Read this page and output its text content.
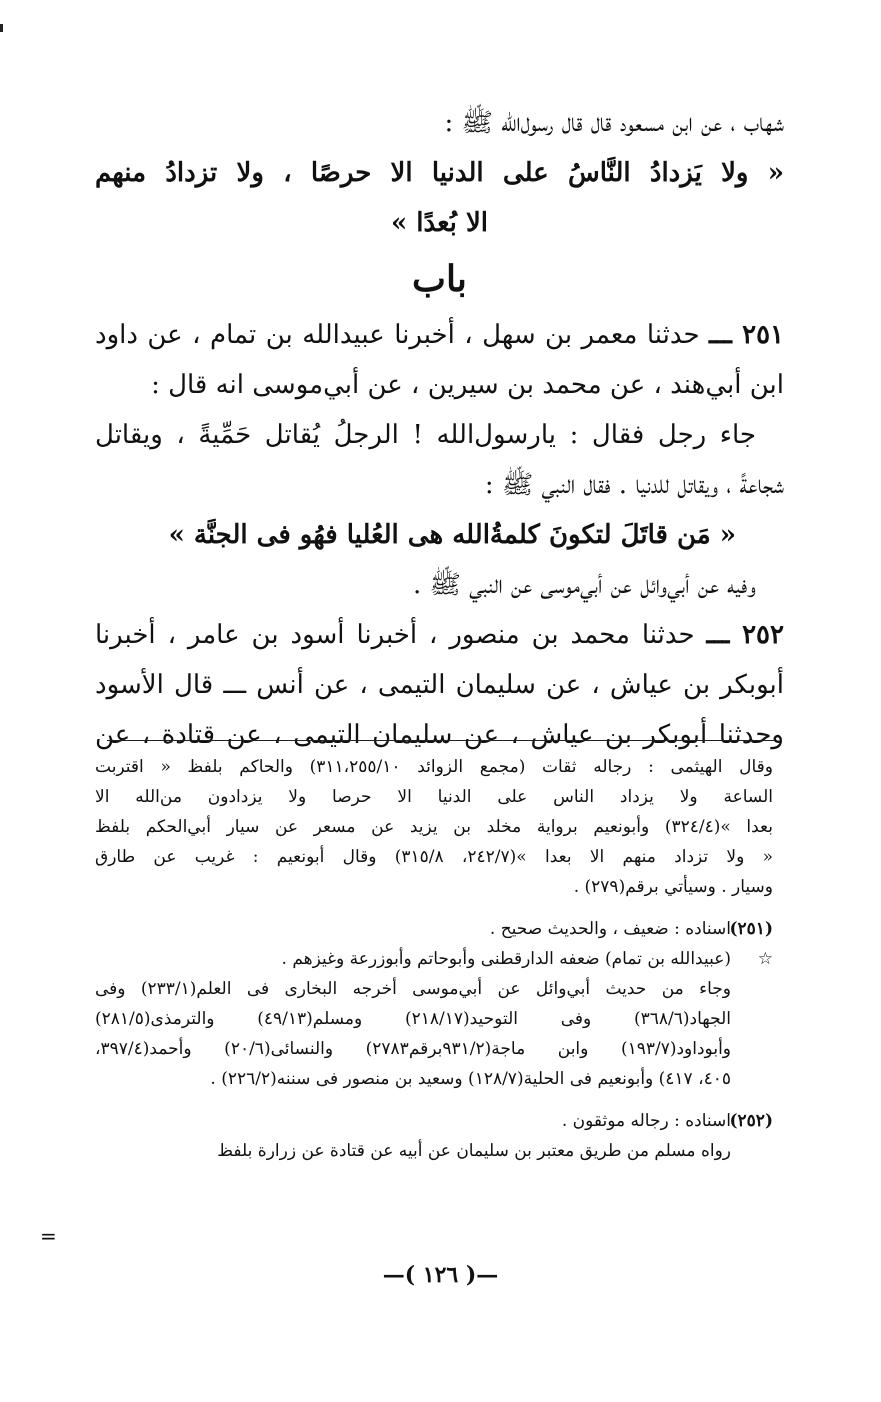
شهاب ، عن ابن مسعود قال قال رسول‌الله ﷺ :
« ولا يَزدادُ النَّاسُ على الدنيا الا حرصًا ، ولا تزدادُ منهم
الا بُعدًا »
باب
٢٥١ ـــ حدثنا معمر بن سهل ، أخبرنا عبيدالله بن تمام ، عن داود
ابن أبي‌هند ، عن محمد بن سيرين ، عن أبي‌موسى انه قال :
جاء رجل فقال : يارسول‌الله ! الرجلُ يُقاتل حَمِّيةً ، ويقاتل
شجاعةً ، ويقاتل للدنيا . فقال النبي ﷺ :
« مَن قاتَلَ لتكونَ كلمةُ‌الله هى العُليا فهُو فى الجنَّة »
وفيه عن أبي‌وائل عن أبي‌موسى عن النبي ﷺ .
٢٥٢ ـــ حدثنا محمد بن منصور ، أخبرنا أسود بن عامر ، أخبرنا
أبوبكر بن عياش ، عن سليمان التيمى ، عن أنس ـــ قال الأسود
وحدثنا أبوبكر بن عياش ، عن سليمان التيمى ، عن قتادة ، عن
وقال الهيثمى : رجاله ثقات (مجمع الزوائد ٣١١،٢٥٥/١٠) والحاكم بلفظ « اقتربت
الساعة ولا يزداد الناس على الدنيا الا حرصا ولا يزدادون من‌الله الا
بعدا »(٣٢٤/٤) وأبونعيم برواية مخلد بن يزيد عن مسعر عن سيار أبي‌الحكم بلفظ
« ولا تزداد منهم الا بعدا »(٢٤٢/٧، ٣١٥/٨) وقال أبونعيم : غريب عن طارق
وسيار . وسيأتي برقم(٢٧٩) .
(٢٥١)اسناده : ضعيف ، والحديث صحيح .
☆(عبيدالله بن تمام) ضعفه الدارقطنى وأبوحاتم وأبوزرعة وغيزهم .
وجاء من حديث أبي‌وائل عن أبي‌موسى أخرجه البخارى فى العلم(٢٣٣/١) وفى
الجهاد(٣٦٨/٦) وفى التوحيد(٢١٨/١٧) ومسلم(٤٩/١٣) والترمذى(٢٨١/٥)
وأبوداود(١٩٣/٧) وابن ماجة(٩٣١/٢برقم٢٧٨٣) والنسائى(٢٠/٦) وأحمد(٣٩٧/٤،
٤٠٥، ٤١٧) وأبونعيم فى الحلية(١٢٨/٧) وسعيد بن منصور فى سننه(٢٢٦/٢) .
(٢٥٢)اسناده : رجاله موثقون .
رواه مسلم من طريق معتبر بن سليمان عن أبيه عن قتادة عن زرارة بلفظ
=
—( ١٢٦ )—
